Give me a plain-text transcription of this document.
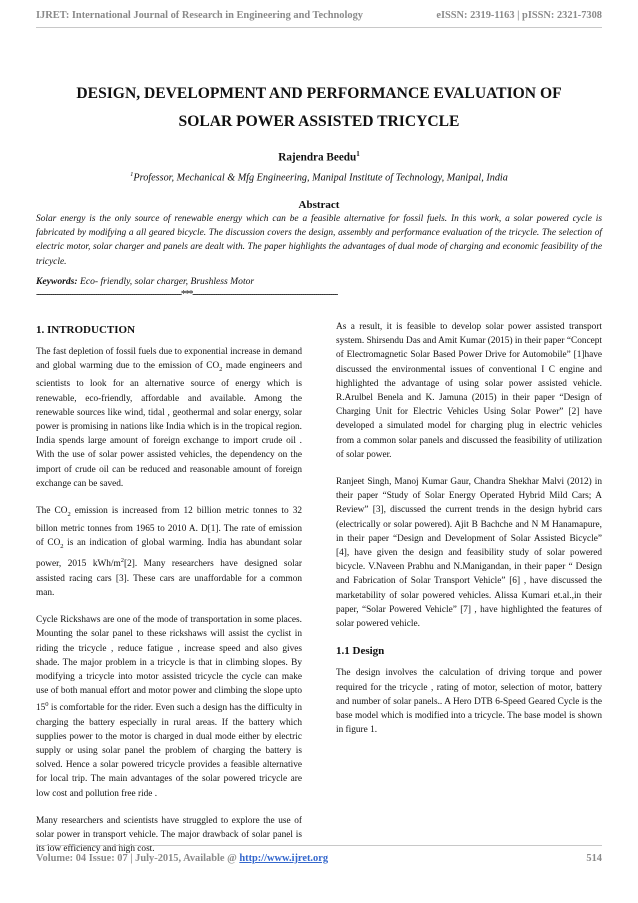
IJRET: International Journal of Research in Engineering and Technology	eISSN: 2319-1163 | pISSN: 2321-7308
DESIGN, DEVELOPMENT AND PERFORMANCE EVALUATION OF
SOLAR POWER ASSISTED TRICYCLE
Rajendra Beedu$^1$
$^1$Professor, Mechanical & Mfg Engineering, Manipal Institute of Technology, Manipal, India
Abstract
Solar energy is the only source of renewable energy which can be a feasible alternative for fossil fuels. In this work, a solar powered cycle is fabricated by modifying a all geared bicycle. The discussion covers the design, assembly and performance evaluation of the tricycle. The selection of electric motor, solar charger and panels are dealt with. The paper highlights the advantages of dual mode of charging and economic feasibility of the tricycle.
Keywords: Eco- friendly, solar charger, Brushless Motor
--------------------------------------------------------------------***--------------------------------------------------------------------
1. INTRODUCTION

The fast depletion of fossil fuels due to exponential increase in demand and global warming due to the emission of $CO_2$ made engineers and scientists to look for an alternative source of energy which is renewable, eco-friendly, affordable and available. Among the renewable sources like wind, tidal , geothermal and solar energy, solar power is promising in nations like India which is in the tropical region. India spends large amount of foreign exchange to import crude oil . With the use of solar power assisted vehicles, the dependency on the import of crude oil can be reduced and reasonable amount of foreign exchange can be saved.

The $CO_2$ emission is increased from 12 billion metric tonnes to 32 billon metric tonnes from 1965 to 2010 A. D[1]. The rate of emission of $CO_2$ is an indication of global warming. India has abundant solar power, 2015 kWh/$m^2[2]$. Many researchers have designed solar assisted racing cars [3]. These cars are unaffordable for a common man.

Cycle Rickshaws are one of the mode of transportation in some places. Mounting the solar panel to these rickshaws will assist the cyclist in riding the tricycle , reduce fatigue , increase speed and also gives shade. The major problem in a tricycle is that in climbing slopes. By modifying a tricycle into motor assisted tricycle the cycle can make use of both manual effort and motor power and climbing the slope upto $15^0$ is comfortable for the rider. Even such a design has the difficulty in charging the battery especially in rural areas. If the battery which supplies power to the motor is charged in dual mode either by electric supply or using solar panel the problem of charging the battery is solved. Hence a solar powered tricycle provides a feasible alternative for local trip. The main advantages of the solar powered tricycle are low cost and pollution free ride .

Many researchers and scientists have struggled to explore the use of solar power in transport vehicle. The major drawback of solar panel is its low efficiency and high cost.

As a result, it is feasible to develop solar power assisted transport system. Shirsendu Das and Amit Kumar (2015) in their paper “Concept of Electromagnetic Solar Based Power Drive for Automobile” [1]have discussed the environmental issues of conventional I C engine and highlighted the advantage of using solar power assisted vehicle. R.Arulbel Benela and K. Jamuna (2015) in their paper “Design of Charging Unit for Electric Vehicles Using Solar Power” [2] have developed a simulated model for charging plug in electric vehicles from a common solar panels and discussed the feasibility of utilization of solar power.

Ranjeet Singh, Manoj Kumar Gaur, Chandra Shekhar Malvi (2012) in their paper “Study of Solar Energy Operated Hybrid Mild Cars; A Review” [3], discussed the current trends in the design hybrid cars (electrically or solar powered). Ajit B Bachche and N M Hanamapure, in their paper “Design and Development of Solar Assisted Bicycle” [4], have given the design and feasibility study of solar powered bicycle. V.Naveen Prabhu and N.Manigandan, in their paper “ Design and Fabrication of Solar Transport Vehicle” [6] , have discussed the marketability of solar powered vehicles. Alissa Kumari et.al.,in their paper, “Solar Powered Vehicle” [7] , have highlighted the features of solar powered vehicle.

1.1 Design

The design involves the calculation of driving torque and power required for the tricycle , rating of motor, selection of motor, battery and number of solar panels.. A Hero DTB 6-Speed Geared Cycle is the base model which is modified into a tricycle. The base model is shown in figure 1.

Volume: 04 Issue: 07 | July-2015, Available @ http://www.ijret.org	514
